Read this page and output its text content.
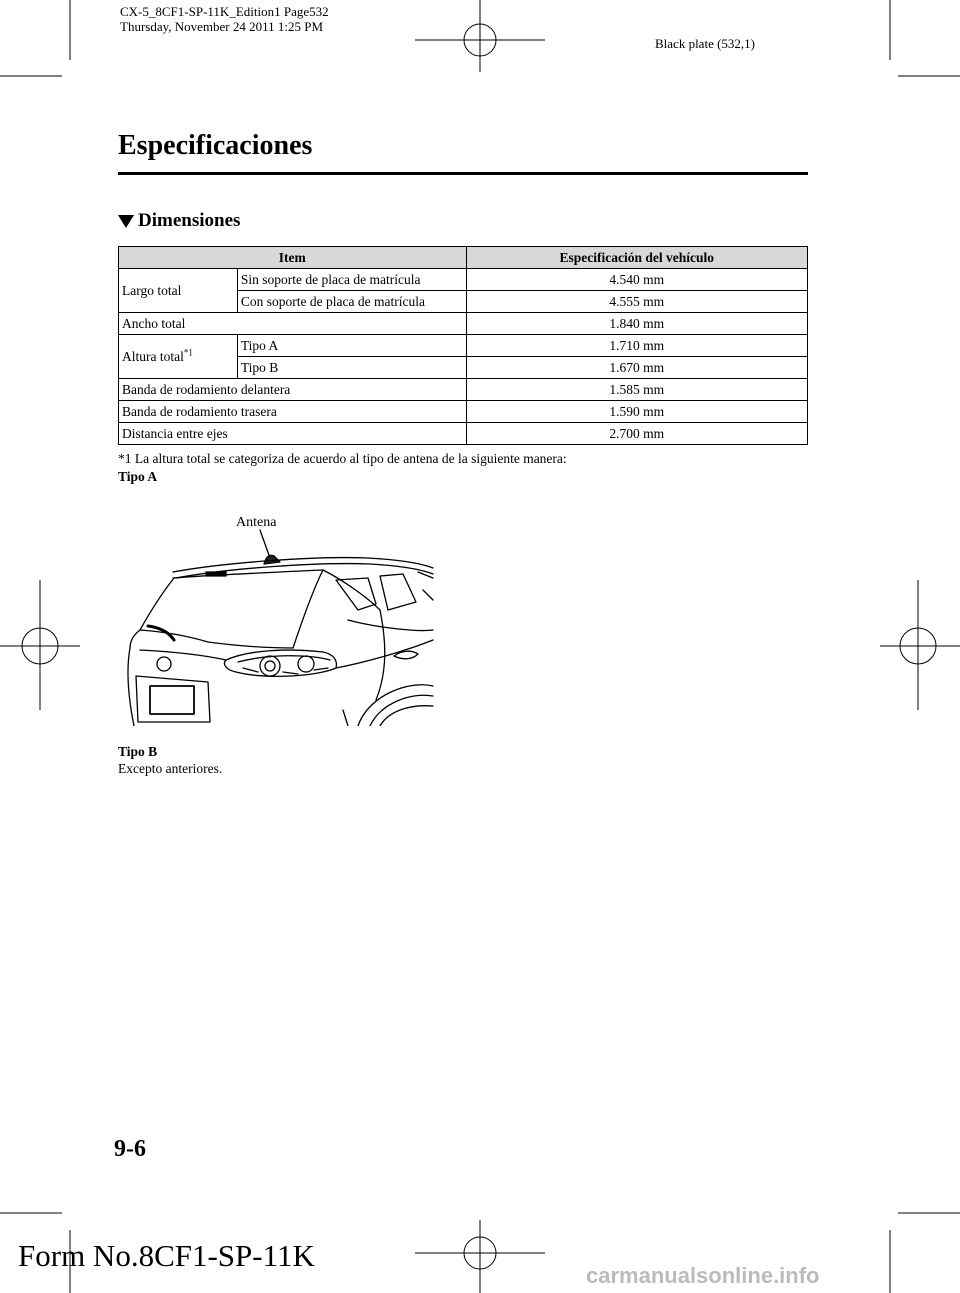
CX-5_8CF1-SP-11K_Edition1 Page532
Thursday, November 24 2011 1:25 PM
Black plate (532,1)
Especificaciones
Dimensiones
Item		Especificación del vehículo
Largo total	Sin soporte de placa de matrícula	4.540 mm
	Con soporte de placa de matrícula	4.555 mm
Ancho total		1.840 mm
Altura total$^{*1}$	Tipo A	1.710 mm
	Tipo B	1.670 mm
Banda de rodamiento delantera		1.585 mm
Banda de rodamiento trasera		1.590 mm
Distancia entre ejes		2.700 mm
*1 La altura total se categoriza de acuerdo al tipo de antena de la siguiente manera:
Tipo A
Antena
Tipo B
Excepto anteriores.
9-6
Form No.8CF1-SP-11K
carmanualsonline.info
